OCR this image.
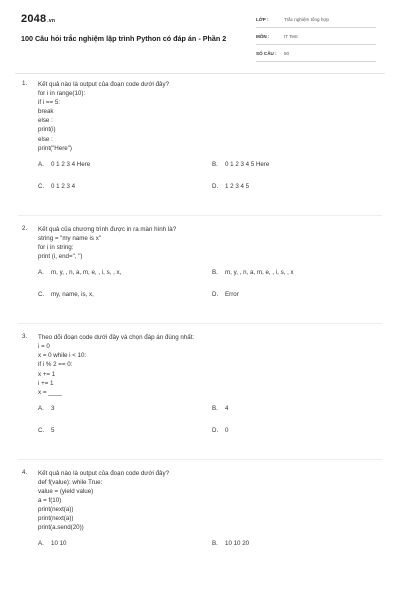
2048.vn
100 Câu hỏi trắc nghiệm lập trình Python có đáp án - Phần 2
LỚP :	Trắc nghiệm tổng hợp
MÔN :	IT Test
SỐ CÂU : 50
1. Kết quả nào là output của đoạn code dưới đây?
for i in range(10):
if i == 5:
break
else :
print(i)
else :
print("Here")
A. 0 1 2 3 4 Here	B. 0 1 2 3 4 5 Here
C. 0 1 2 3 4	D. 1 2 3 4 5
2. Kết quả của chương trình được in ra màn hình là?
string = "my name is x"
for i in string:
print (i, end=", ")
A. m, y, , n, a, m, e, , i, s, , x,	B. m, y, , n, a, m, e, , i, s, , x
C. my, name, is, x,	D. Error
3. Theo dõi đoạn code dưới đây và chọn đáp án đúng nhất:
i = 0
x = 0 while i < 10:
if i % 2 == 0:
x += 1
i += 1
x = ____
A. 3	B. 4
C. 5	D. 0
4. Kết quả nào là output của đoạn code dưới đây?
def f(value): while True:
value = (yield value)
a = f(10)
print(next(a))
print(next(a))
print(a.send(20))
A. 10 10	B. 10 10 20
